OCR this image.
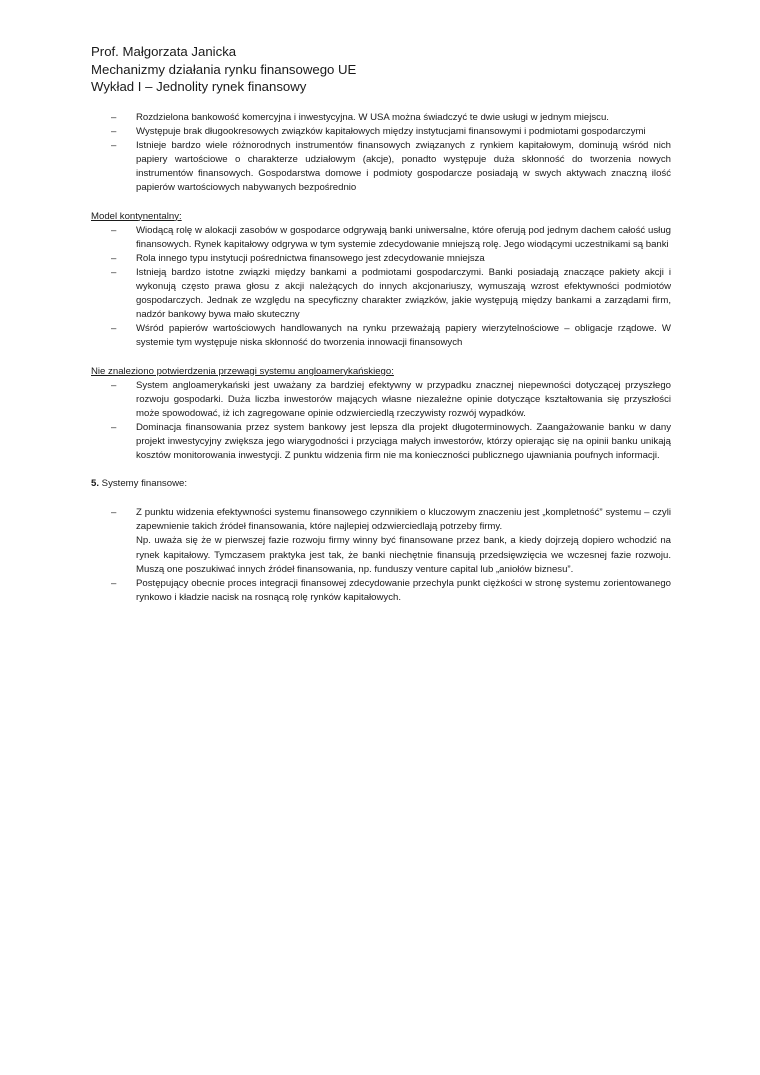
Prof. Małgorzata Janicka
Mechanizmy działania rynku finansowego UE
Wykład I – Jednolity rynek finansowy
– Rozdzielona bankowość komercyjna i inwestycyjna. W USA można świadczyć te dwie usługi w jednym miejscu.
– Występuje brak długookresowych związków kapitałowych między instytucjami finansowymi i podmiotami gospodarczymi
– Istnieje bardzo wiele różnorodnych instrumentów finansowych związanych z rynkiem kapitałowym, dominują wśród nich papiery wartościowe o charakterze udziałowym (akcje), ponadto występuje duża skłonność do tworzenia nowych instrumentów finansowych. Gospodarstwa domowe i podmioty gospodarcze posiadają w swych aktywach znaczną ilość papierów wartościowych nabywanych bezpośrednio
Model kontynentalny:
– Wiodącą rolę w alokacji zasobów w gospodarce odgrywają banki uniwersalne, które oferują pod jednym dachem całość usług finansowych. Rynek kapitałowy odgrywa w tym systemie zdecydowanie mniejszą rolę. Jego wiodącymi uczestnikami są banki
– Rola innego typu instytucji pośrednictwa finansowego jest zdecydowanie mniejsza
– Istnieją bardzo istotne związki między bankami a podmiotami gospodarczymi. Banki posiadają znaczące pakiety akcji i wykonują często prawa głosu z akcji należących do innych akcjonariuszy, wymuszają wzrost efektywności podmiotów gospodarczych. Jednak ze względu na specyficzny charakter związków, jakie występują między bankami a zarządami firm, nadzór bankowy bywa mało skuteczny
– Wśród papierów wartościowych handlowanych na rynku przeważają papiery wierzytelnościowe – obligacje rządowe. W systemie tym występuje niska skłonność do tworzenia innowacji finansowych
Nie znaleziono potwierdzenia przewagi systemu angloamerykańskiego:
– System angloamerykański jest uważany za bardziej efektywny w przypadku znacznej niepewności dotyczącej przyszłego rozwoju gospodarki. Duża liczba inwestorów mających własne niezależne opinie dotyczące kształtowania się przyszłości może spowodować, iż ich zagregowane opinie odzwierciedlą rzeczywisty rozwój wypadków.
– Dominacja finansowania przez system bankowy jest lepsza dla projekt długoterminowych. Zaangażowanie banku w dany projekt inwestycyjny zwiększa jego wiarygodności i przyciąga małych inwestorów, którzy opierając się na opinii banku unikają kosztów monitorowania inwestycji. Z punktu widzenia firm nie ma konieczności publicznego ujawniania poufnych informacji.
5. Systemy finansowe:
– Z punktu widzenia efektywności systemu finansowego czynnikiem o kluczowym znaczeniu jest „kompletność” systemu – czyli zapewnienie takich źródeł finansowania, które najlepiej odzwierciedlają potrzeby firmy.
Np. uważa się że w pierwszej fazie rozwoju firmy winny być finansowane przez bank, a kiedy dojrzeją dopiero wchodzić na rynek kapitałowy. Tymczasem praktyka jest tak, że banki niechętnie finansują przedsięwzięcia we wczesnej fazie rozwoju. Muszą one poszukiwać innych źródeł finansowania, np. funduszy venture capital lub „aniołów biznesu”.
– Postępujący obecnie proces integracji finansowej zdecydowanie przechyla punkt ciężkości w stronę systemu zorientowanego rynkowo i kładzie nacisk na rosnącą rolę rynków kapitałowych.
